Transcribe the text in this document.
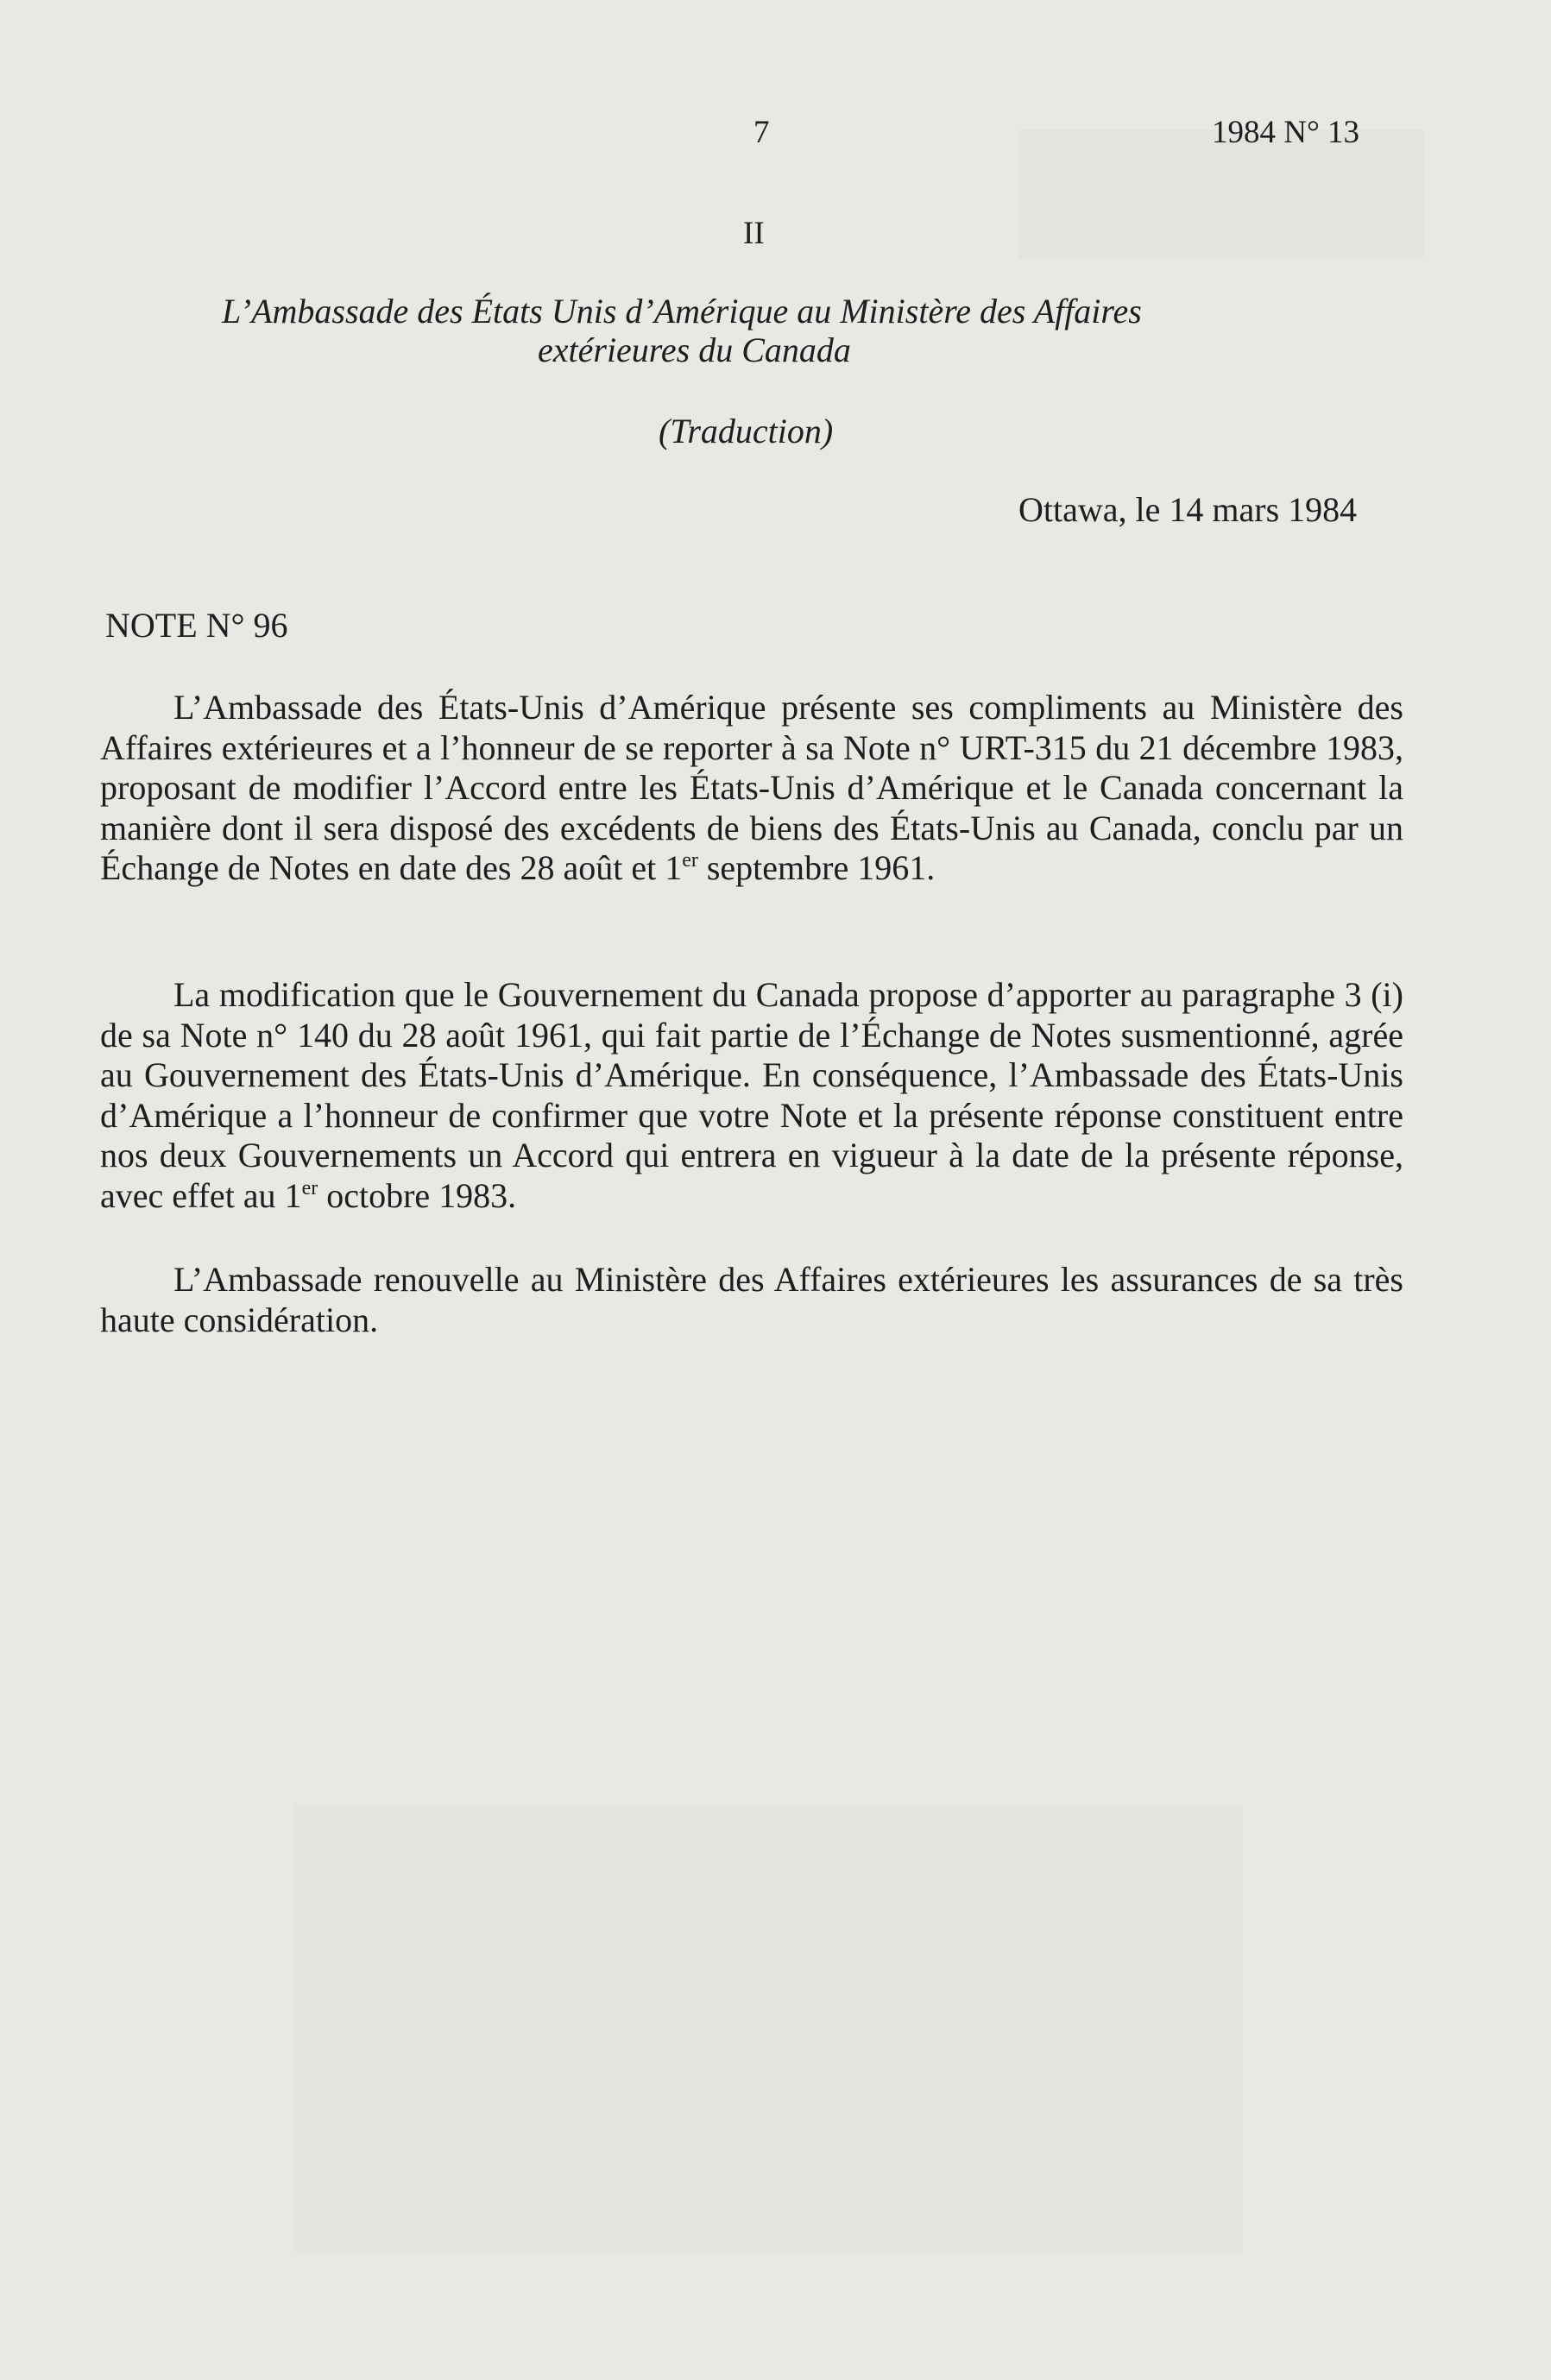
7	1984 N° 13
II
L’Ambassade des États Unis d’Amérique au Ministère des Affaires
extérieures du Canada
(Traduction)
Ottawa, le 14 mars 1984
NOTE N° 96

L’Ambassade des États-Unis d’Amérique présente ses compliments au Ministère des Affaires extérieures et a l’honneur de se reporter à sa Note n° URT-315 du 21 décembre 1983, proposant de modifier l’Accord entre les États-Unis d’Amérique et le Canada concernant la manière dont il sera disposé des excédents de biens des États-Unis au Canada, conclu par un Échange de Notes en date des 28 août et 1er septembre 1961.

La modification que le Gouvernement du Canada propose d’apporter au paragraphe 3 (i) de sa Note n° 140 du 28 août 1961, qui fait partie de l’Échange de Notes susmentionné, agrée au Gouvernement des États-Unis d’Amérique. En conséquence, l’Ambassade des États-Unis d’Amérique a l’honneur de confirmer que votre Note et la présente réponse constituent entre nos deux Gouvernements un Accord qui entrera en vigueur à la date de la présente réponse, avec effet au 1er octobre 1983.

L’Ambassade renouvelle au Ministère des Affaires extérieures les assurances de sa très haute considération.
